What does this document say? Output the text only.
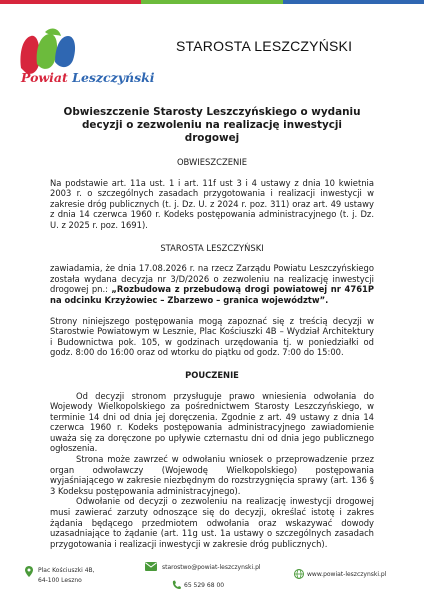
Powiat Leszczyński
STAROSTA LESZCZYŃSKI
Obwieszczenie Starosty Leszczyńskiego o wydaniu
decyzji o zezwoleniu na realizację inwestycji drogowej
OBWIESZCZENIE

Na podstawie art. 11a ust. 1 i art. 11f ust 3 i 4 ustawy z dnia 10 kwietnia 2003 r. o szczególnych zasadach przygotowania i realizacji inwestycji w zakresie dróg publicznych (t. j. Dz. U. z 2024 r. poz. 311) oraz art. 49 ustawy z dnia 14 czerwca 1960 r. Kodeks postępowania administracyjnego (t. j. Dz. U. z 2025 r. poz. 1691).

STAROSTA LESZCZYŃSKI

zawiadamia, że dnia 17.08.2026 r. na rzecz Zarządu Powiatu Leszczyńskiego została wydana decyzja nr 3/D/2026 o zezwoleniu na realizację inwestycji drogowej pn.: „Rozbudowa z przebudową drogi powiatowej nr 4761P na odcinku Krzyżowiec – Zbarzewo – granica województw”.

Strony niniejszego postępowania mogą zapoznać się z treścią decyzji w Starostwie Powiatowym w Lesznie, Plac Kościuszki 4B – Wydział Architektury i Budownictwa pok. 105, w godzinach urzędowania tj. w poniedziałki od godz. 8:00 do 16:00 oraz od wtorku do piątku od godz. 7:00 do 15:00.

POUCZENIE

Od decyzji stronom przysługuje prawo wniesienia odwołania do Wojewody Wielkopolskiego za pośrednictwem Starosty Leszczyńskiego, w terminie 14 dni od dnia jej doręczenia. Zgodnie z art. 49 ustawy z dnia 14 czerwca 1960 r. Kodeks postępowania administracyjnego zawiadomienie uważa się za doręczone po upływie czternastu dni od dnia jego publicznego ogłoszenia.

Strona może zawrzeć w odwołaniu wniosek o przeprowadzenie przez organ odwoławczy (Wojewodę Wielkopolskiego) postępowania wyjaśniającego w zakresie niezbędnym do rozstrzygnięcia sprawy (art. 136 § 3 Kodeksu postępowania administracyjnego).

Odwołanie od decyzji o zezwoleniu na realizację inwestycji drogowej musi zawierać zarzuty odnoszące się do decyzji, określać istotę i zakres żądania będącego przedmiotem odwołania oraz wskazywać dowody uzasadniające to żądanie (art. 11g ust. 1a ustawy o szczególnych zasadach przygotowania i realizacji inwestycji w zakresie dróg publicznych).

Plac Kościuszki 4B,
64-100 Leszno
starostwo@powiat-leszczynski.pl
65 529 68 00
www.powiat-leszczynski.pl
